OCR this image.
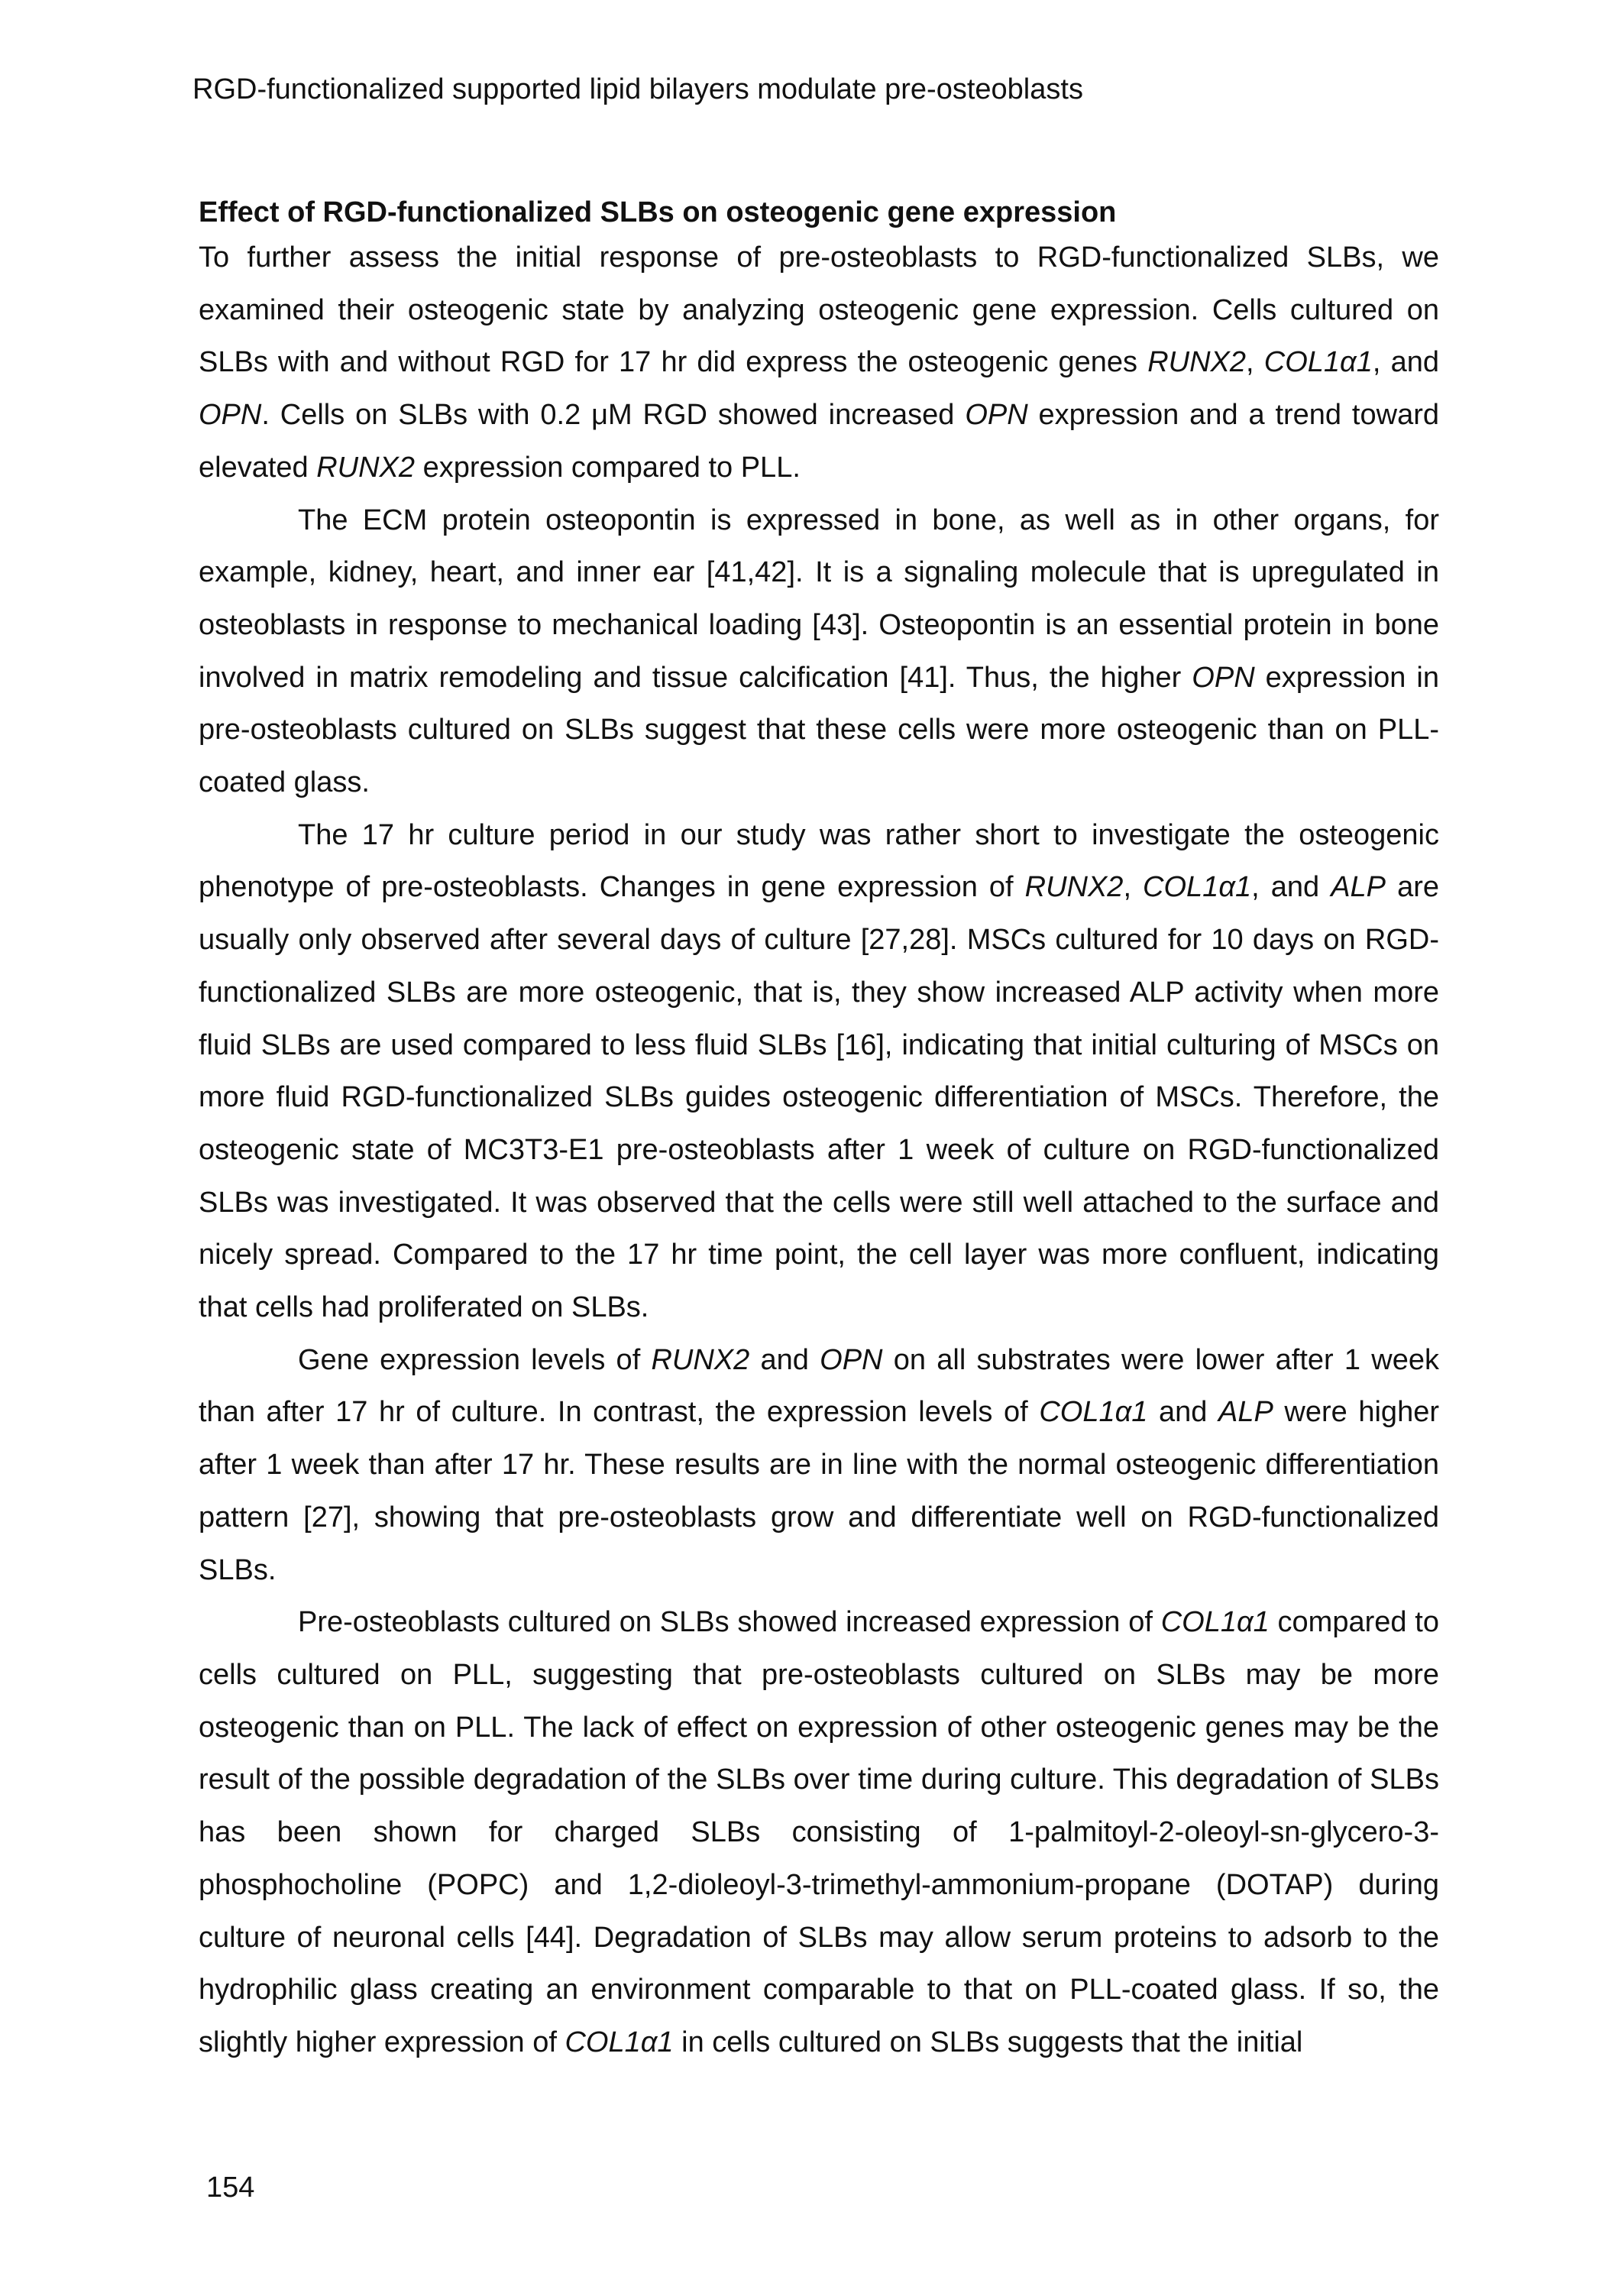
RGD-functionalized supported lipid bilayers modulate pre-osteoblasts
Effect of RGD-functionalized SLBs on osteogenic gene expression

To further assess the initial response of pre-osteoblasts to RGD-functionalized SLBs, we examined their osteogenic state by analyzing osteogenic gene expression. Cells cultured on SLBs with and without RGD for 17 hr did express the osteogenic genes RUNX2, COL1α1, and OPN. Cells on SLBs with 0.2 μM RGD showed increased OPN expression and a trend toward elevated RUNX2 expression compared to PLL.

The ECM protein osteopontin is expressed in bone, as well as in other organs, for example, kidney, heart, and inner ear [41,42]. It is a signaling molecule that is upregulated in osteoblasts in response to mechanical loading [43]. Osteopontin is an essential protein in bone involved in matrix remodeling and tissue calcification [41]. Thus, the higher OPN expression in pre-osteoblasts cultured on SLBs suggest that these cells were more osteogenic than on PLL-coated glass.

The 17 hr culture period in our study was rather short to investigate the osteogenic phenotype of pre-osteoblasts. Changes in gene expression of RUNX2, COL1α1, and ALP are usually only observed after several days of culture [27,28]. MSCs cultured for 10 days on RGD-functionalized SLBs are more osteogenic, that is, they show increased ALP activity when more fluid SLBs are used compared to less fluid SLBs [16], indicating that initial culturing of MSCs on more fluid RGD-functionalized SLBs guides osteogenic differentiation of MSCs. Therefore, the osteogenic state of MC3T3-E1 pre-osteoblasts after 1 week of culture on RGD-functionalized SLBs was investigated. It was observed that the cells were still well attached to the surface and nicely spread. Compared to the 17 hr time point, the cell layer was more confluent, indicating that cells had proliferated on SLBs.

Gene expression levels of RUNX2 and OPN on all substrates were lower after 1 week than after 17 hr of culture. In contrast, the expression levels of COL1α1 and ALP were higher after 1 week than after 17 hr. These results are in line with the normal osteogenic differentiation pattern [27], showing that pre-osteoblasts grow and differentiate well on RGD-functionalized SLBs.

Pre-osteoblasts cultured on SLBs showed increased expression of COL1α1 compared to cells cultured on PLL, suggesting that pre-osteoblasts cultured on SLBs may be more osteogenic than on PLL. The lack of effect on expression of other osteogenic genes may be the result of the possible degradation of the SLBs over time during culture. This degradation of SLBs has been shown for charged SLBs consisting of 1-palmitoyl-2-oleoyl-sn-glycero-3-phosphocholine (POPC) and 1,2-dioleoyl-3-trimethyl-ammonium-propane (DOTAP) during culture of neuronal cells [44]. Degradation of SLBs may allow serum proteins to adsorb to the hydrophilic glass creating an environment comparable to that on PLL-coated glass. If so, the slightly higher expression of COL1α1 in cells cultured on SLBs suggests that the initial

154
